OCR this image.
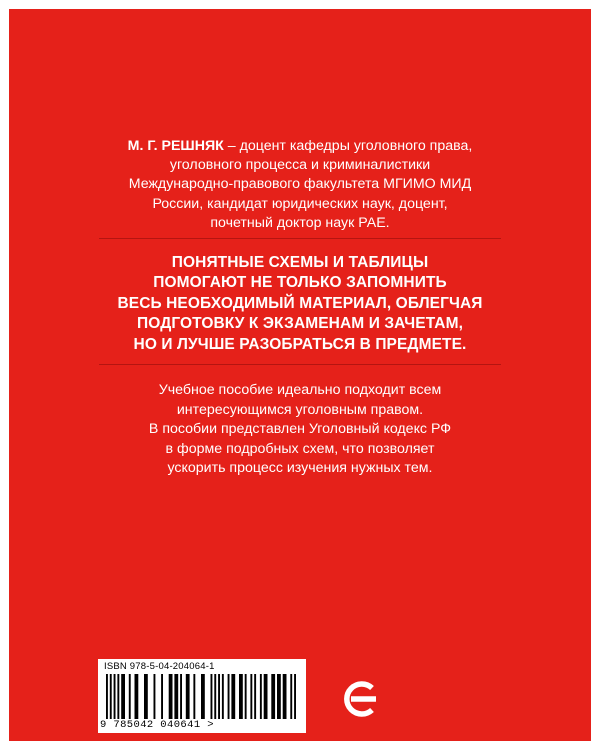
М. Г. РЕШНЯК – доцент кафедры уголовного права,
уголовного процесса и криминалистики
Международно-правового факультета МГИМО МИД
России, кандидат юридических наук, доцент,
почетный доктор наук РАЕ.
ПОНЯТНЫЕ СХЕМЫ И ТАБЛИЦЫ
ПОМОГАЮТ НЕ ТОЛЬКО ЗАПОМНИТЬ
ВЕСЬ НЕОБХОДИМЫЙ МАТЕРИАЛ, ОБЛЕГЧАЯ
ПОДГОТОВКУ К ЭКЗАМЕНАМ И ЗАЧЕТАМ,
НО И ЛУЧШЕ РАЗОБРАТЬСЯ В ПРЕДМЕТЕ.
Учебное пособие идеально подходит всем
интересующимся уголовным правом.
В пособии представлен Уголовный кодекс РФ
в форме подробных схем, что позволяет
ускорить процесс изучения нужных тем.
ISBN 978-5-04-204064-1
9 785042 040641 >
